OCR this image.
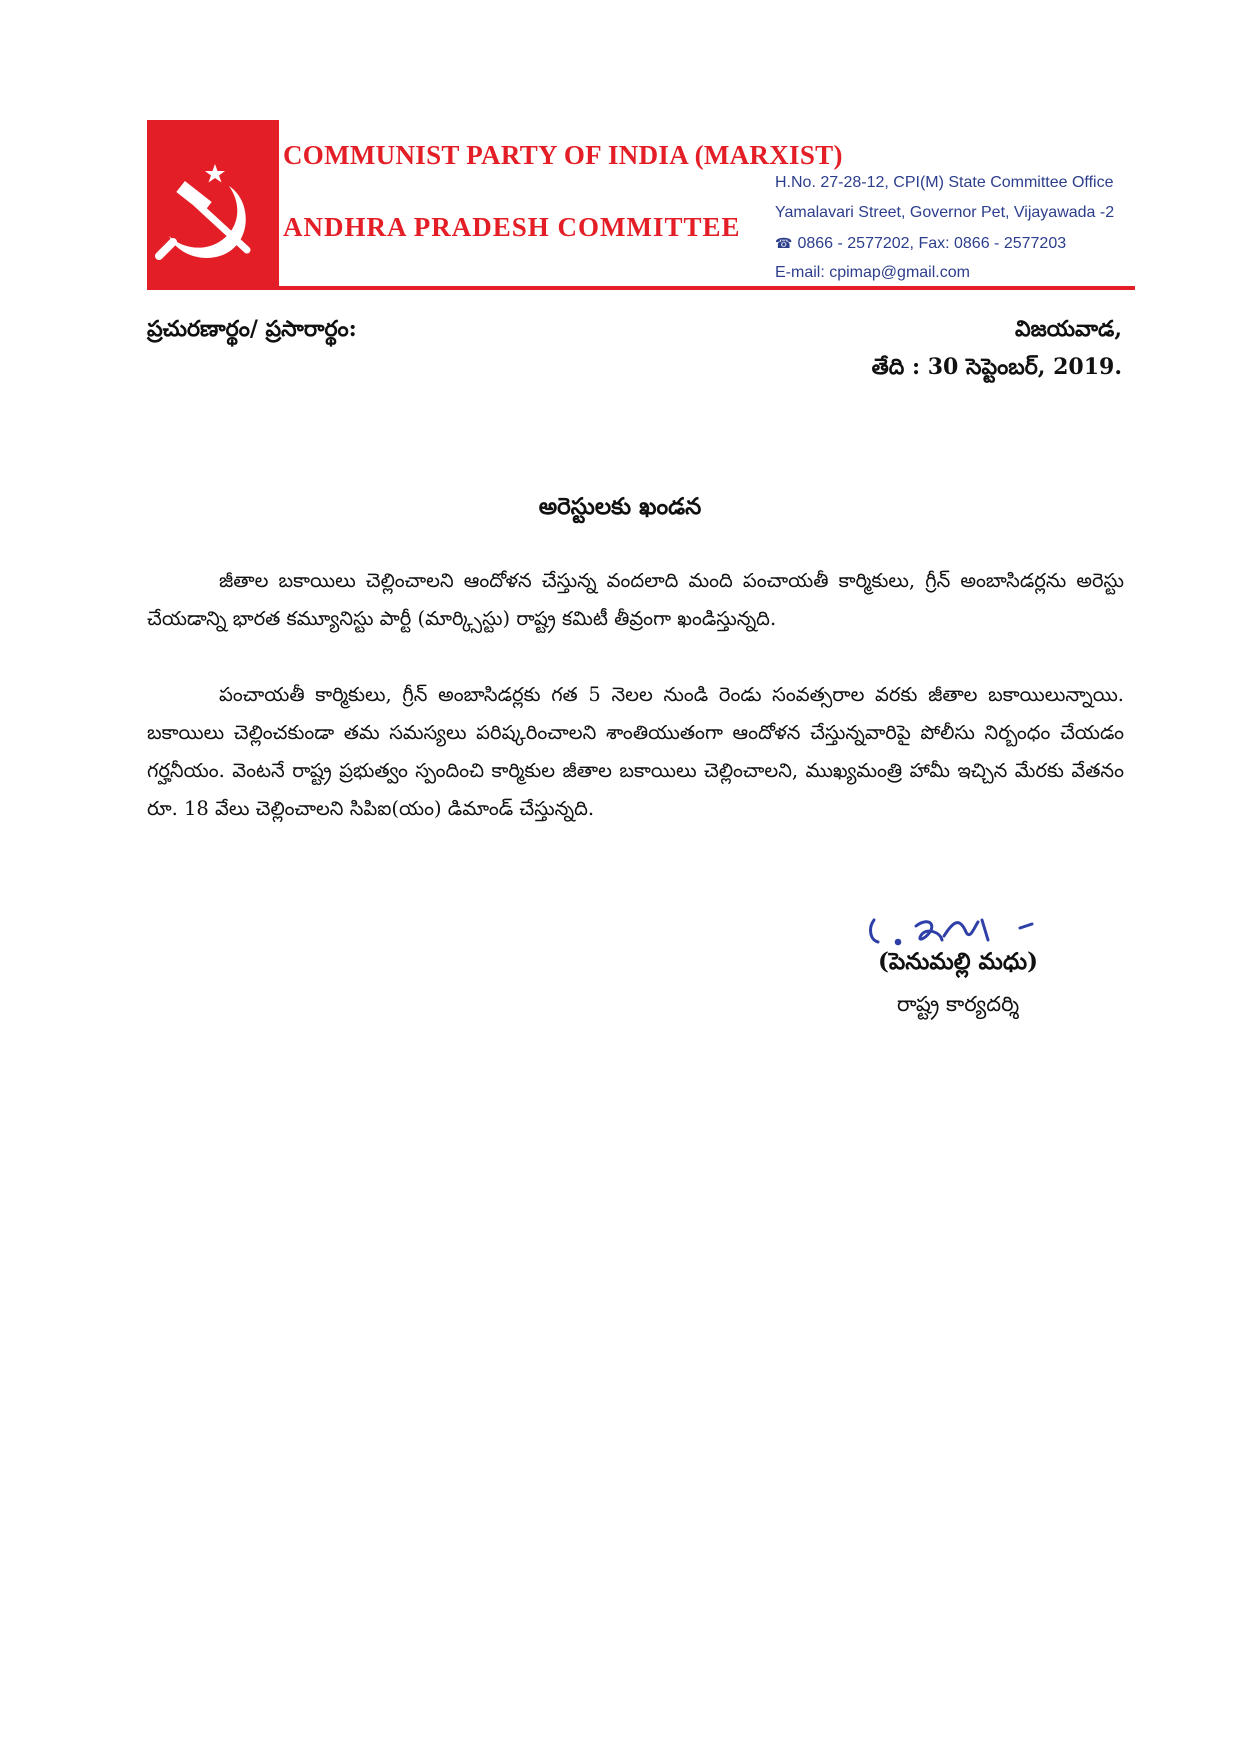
COMMUNIST PARTY OF INDIA (MARXIST)
ANDHRA PRADESH COMMITTEE
H.No. 27-28-12, CPI(M) State Committee Office
Yamalavari Street, Governor Pet, Vijayawada -2
☎ 0866 - 2577202, Fax: 0866 - 2577203
E-mail: cpimap@gmail.com
ప్రచురణార్థం/ ప్రసారార్థం:	విజయవాడ,
తేది : 30 సెప్టెంబర్, 2019.
అరెస్టులకు ఖండన

జీతాల బకాయిలు చెల్లించాలని ఆందోళన చేస్తున్న వందలాది మంది పంచాయతీ కార్మికులు, గ్రీన్ అంబాసిడర్లను అరెస్టు చేయడాన్ని భారత కమ్యూనిస్టు పార్టీ (మార్క్సిస్టు) రాష్ట్ర కమిటీ తీవ్రంగా ఖండిస్తున్నది.

పంచాయతీ కార్మికులు, గ్రీన్ అంబాసిడర్లకు గత 5 నెలల నుండి రెండు సంవత్సరాల వరకు జీతాల బకాయిలున్నాయి. బకాయిలు చెల్లించకుండా తమ సమస్యలు పరిష్కరించాలని శాంతియుతంగా ఆందోళన చేస్తున్నవారిపై పోలీసు నిర్బంధం చేయడం గర్హనీయం. వెంటనే రాష్ట్ర ప్రభుత్వం స్పందించి కార్మికుల జీతాల బకాయిలు చెల్లించాలని, ముఖ్యమంత్రి హామీ ఇచ్చిన మేరకు వేతనం రూ. 18 వేలు చెల్లించాలని సిపిఐ(యం) డిమాండ్ చేస్తున్నది.

(పెనుమల్లి మధు)
రాష్ట్ర కార్యదర్శి
